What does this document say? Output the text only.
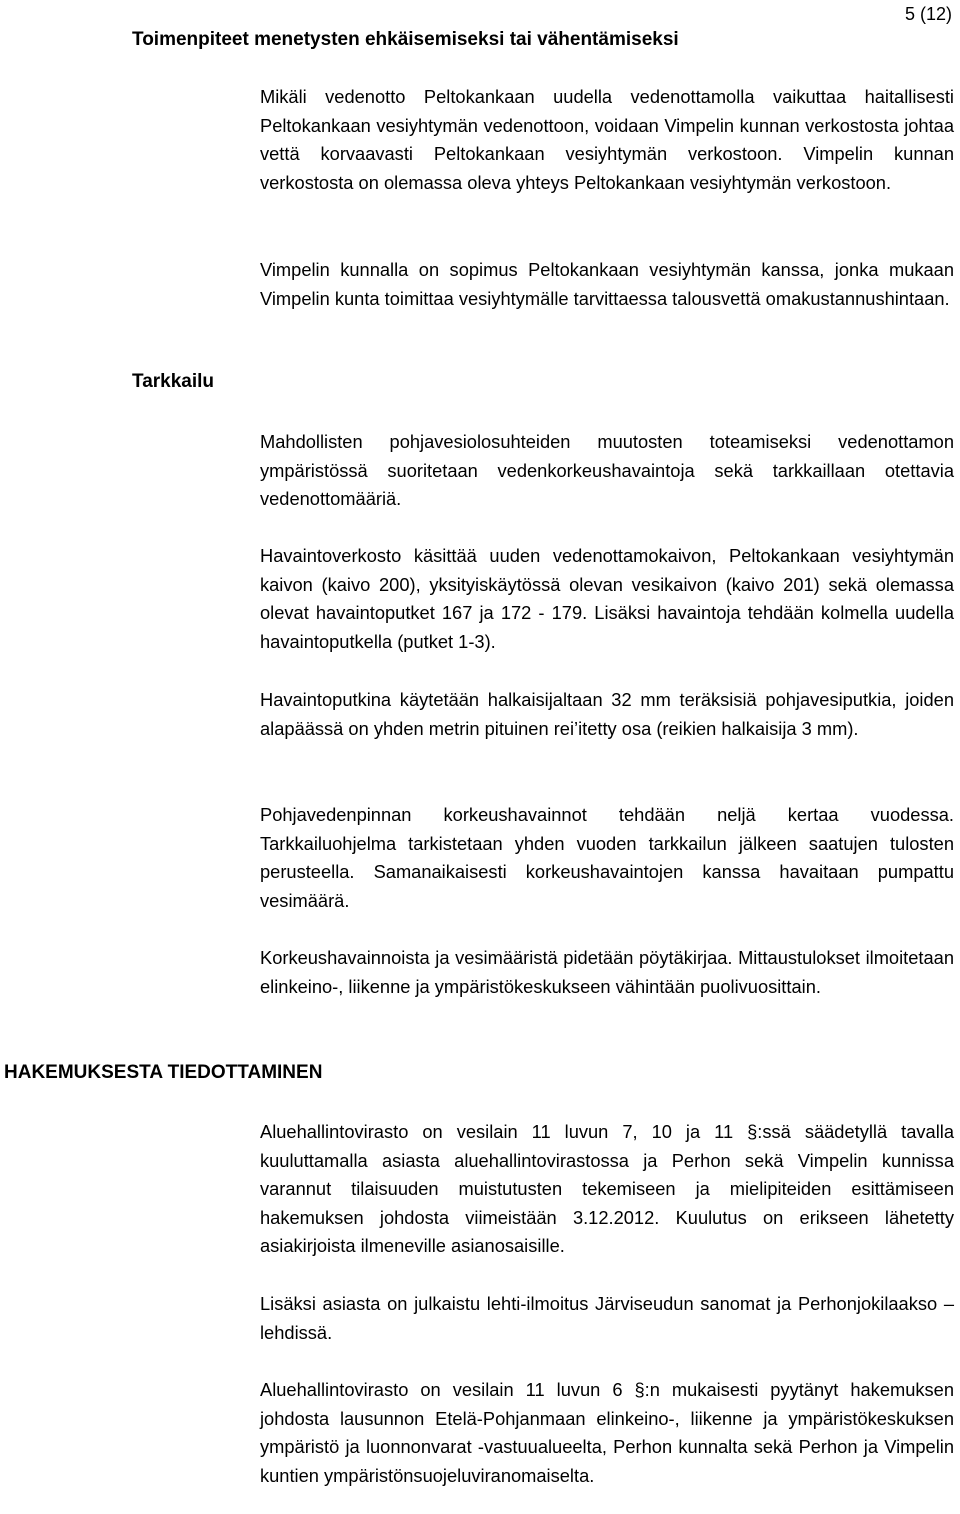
5 (12)
Toimenpiteet menetysten ehkäisemiseksi tai vähentämiseksi
Mikäli vedenotto Peltokankaan uudella vedenottamolla vaikuttaa haitallisesti Peltokankaan vesiyhtymän vedenottoon, voidaan Vimpelin kunnan verkostosta johtaa vettä korvaavasti Peltokankaan vesiyhtymän verkostoon. Vimpelin kunnan verkostosta on olemassa oleva yhteys Peltokankaan vesiyhtymän verkostoon.
Vimpelin kunnalla on sopimus Peltokankaan vesiyhtymän kanssa, jonka mukaan Vimpelin kunta toimittaa vesiyhtymälle tarvittaessa talousvettä omakustannushintaan.
Tarkkailu
Mahdollisten pohjavesiolosuhteiden muutosten toteamiseksi vedenottamon ympäristössä suoritetaan vedenkorkeushavaintoja sekä tarkkaillaan otettavia vedenottomääriä.
Havaintoverkosto käsittää uuden vedenottamokaivon, Peltokankaan vesiyhtymän kaivon (kaivo 200), yksityiskäytössä olevan vesikaivon (kaivo 201) sekä olemassa olevat havaintoputket 167 ja 172 - 179. Lisäksi havaintoja tehdään kolmella uudella havaintoputkella (putket 1-3).
Havaintoputkina käytetään halkaisijaltaan 32 mm teräksisiä pohjavesiputkia, joiden alapäässä on yhden metrin pituinen rei’itetty osa (reikien halkaisija 3 mm).
Pohjavedenpinnan korkeushavainnot tehdään neljä kertaa vuodessa. Tarkkailuohjelma tarkistetaan yhden vuoden tarkkailun jälkeen saatujen tulosten perusteella. Samanaikaisesti korkeushavaintojen kanssa havaitaan pumpattu vesimäärä.
Korkeushavainnoista ja vesimääristä pidetään pöytäkirjaa. Mittaustulokset ilmoitetaan elinkeino-, liikenne ja ympäristökeskukseen vähintään puolivuosittain.
HAKEMUKSESTA TIEDOTTAMINEN
Aluehallintovirasto on vesilain 11 luvun 7, 10 ja 11 §:ssä säädetyllä tavalla kuuluttamalla asiasta aluehallintovirastossa ja Perhon sekä Vimpelin kunnissa varannut tilaisuuden muistutusten tekemiseen ja mielipiteiden esittämiseen hakemuksen johdosta viimeistään 3.12.2012. Kuulutus on erikseen lähetetty asiakirjoista ilmeneville asianosaisille.
Lisäksi asiasta on julkaistu lehti-ilmoitus Järviseudun sanomat ja Perhonjokilaakso – lehdissä.
Aluehallintovirasto on vesilain 11 luvun 6 §:n mukaisesti pyytänyt hakemuksen johdosta lausunnon Etelä-Pohjanmaan elinkeino-, liikenne ja ympäristökeskuksen ympäristö ja luonnonvarat -vastuualueelta, Perhon kunnalta sekä Perhon ja Vimpelin kuntien ympäristönsuojeluviranomaiselta.
